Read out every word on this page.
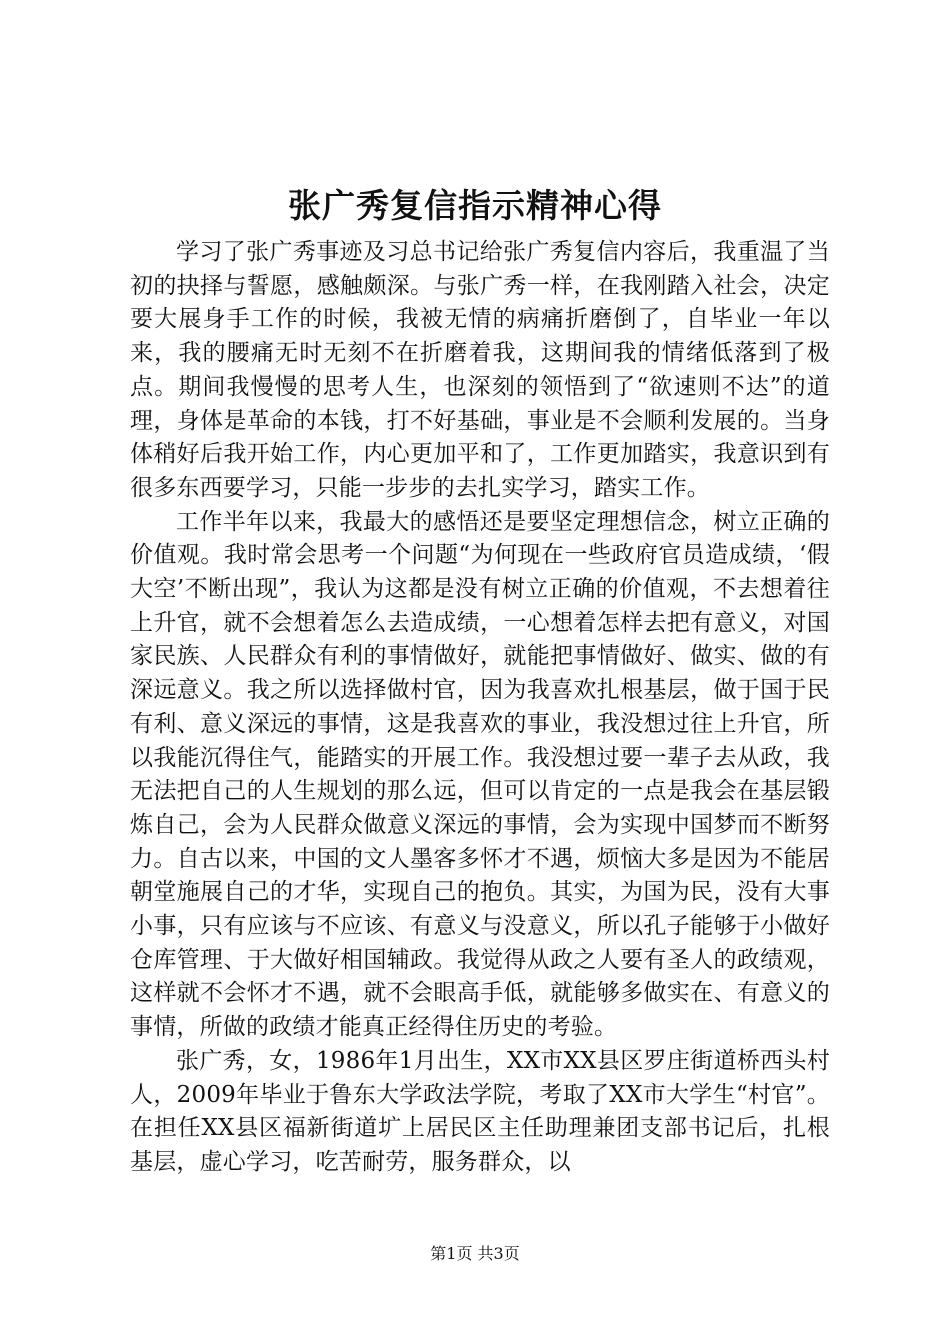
张广秀复信指示精神心得

学习了张广秀事迹及习总书记给张广秀复信内容后，我重温了当初的抉择与誓愿，感触颇深。与张广秀一样，在我刚踏入社会，决定要大展身手工作的时候，我被无情的病痛折磨倒了，自毕业一年以来，我的腰痛无时无刻不在折磨着我，这期间我的情绪低落到了极点。期间我慢慢的思考人生，也深刻的领悟到了“欲速则不达”的道理，身体是革命的本钱，打不好基础，事业是不会顺利发展的。当身体稍好后我开始工作，内心更加平和了，工作更加踏实，我意识到有很多东西要学习，只能一步步的去扎实学习，踏实工作。

工作半年以来，我最大的感悟还是要坚定理想信念，树立正确的价值观。我时常会思考一个问题“为何现在一些政府官员造成绩，‘假大空’不断出现”，我认为这都是没有树立正确的价值观，不去想着往上升官，就不会想着怎么去造成绩，一心想着怎样去把有意义，对国家民族、人民群众有利的事情做好，就能把事情做好、做实、做的有深远意义。我之所以选择做村官，因为我喜欢扎根基层，做于国于民有利、意义深远的事情，这是我喜欢的事业，我没想过往上升官，所以我能沉得住气，能踏实的开展工作。我没想过要一辈子去从政，我无法把自己的人生规划的那么远，但可以肯定的一点是我会在基层锻炼自己，会为人民群众做意义深远的事情，会为实现中国梦而不断努力。自古以来，中国的文人墨客多怀才不遇，烦恼大多是因为不能居朝堂施展自己的才华，实现自己的抱负。其实，为国为民，没有大事小事，只有应该与不应该、有意义与没意义，所以孔子能够于小做好仓库管理、于大做好相国辅政。我觉得从政之人要有圣人的政绩观，这样就不会怀才不遇，就不会眼高手低，就能够多做实在、有意义的事情，所做的政绩才能真正经得住历史的考验。

张广秀，女，1986年1月出生，XX市XX县区罗庄街道桥西头村人，2009年毕业于鲁东大学政法学院，考取了XX市大学生“村官”。在担任XX县区福新街道圹上居民区主任助理兼团支部书记后，扎根基层，虚心学习，吃苦耐劳，服务群众，以

第1页 共3页
